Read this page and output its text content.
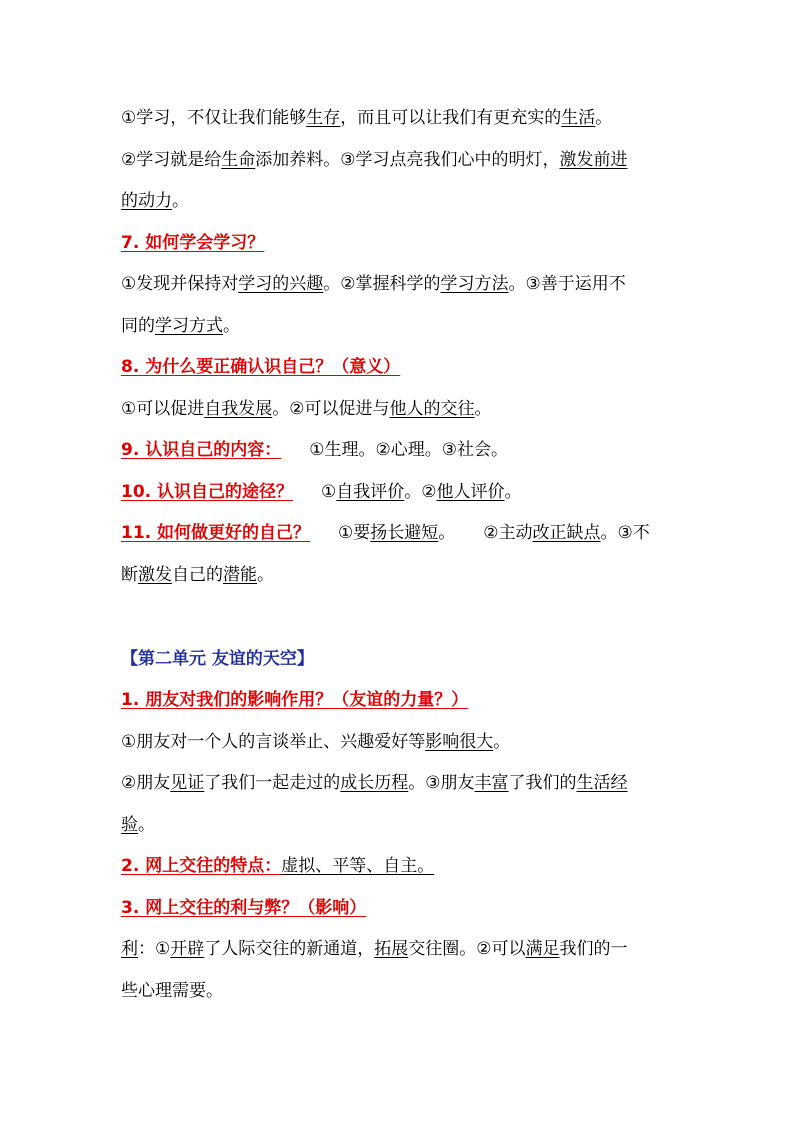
①学习，不仅让我们能够生存，而且可以让我们有更充实的生活。
②学习就是给生命添加养料。③学习点亮我们心中的明灯，激发前进
的动力。
7. 如何学会学习？
①发现并保持对学习的兴趣。②掌握科学的学习方法。③善于运用不
同的学习方式。
8. 为什么要正确认识自己？（意义）
①可以促进自我发展。②可以促进与他人的交往。
9. 认识自己的内容： ①生理。②心理。③社会。
10. 认识自己的途径？ ①自我评价。②他人评价。
11. 如何做更好的自己？ ①要扬长避短。 ②主动改正缺点。③不
断激发自己的潜能。
【第二单元 友谊的天空】
1. 朋友对我们的影响作用？（友谊的力量？）
①朋友对一个人的言谈举止、兴趣爱好等影响很大。
②朋友见证了我们一起走过的成长历程。③朋友丰富了我们的生活经
验。
2. 网上交往的特点：虚拟、平等、自主。
3. 网上交往的利与弊？（影响）
利：①开辟了人际交往的新通道，拓展交往圈。②可以满足我们的一
些心理需要。
